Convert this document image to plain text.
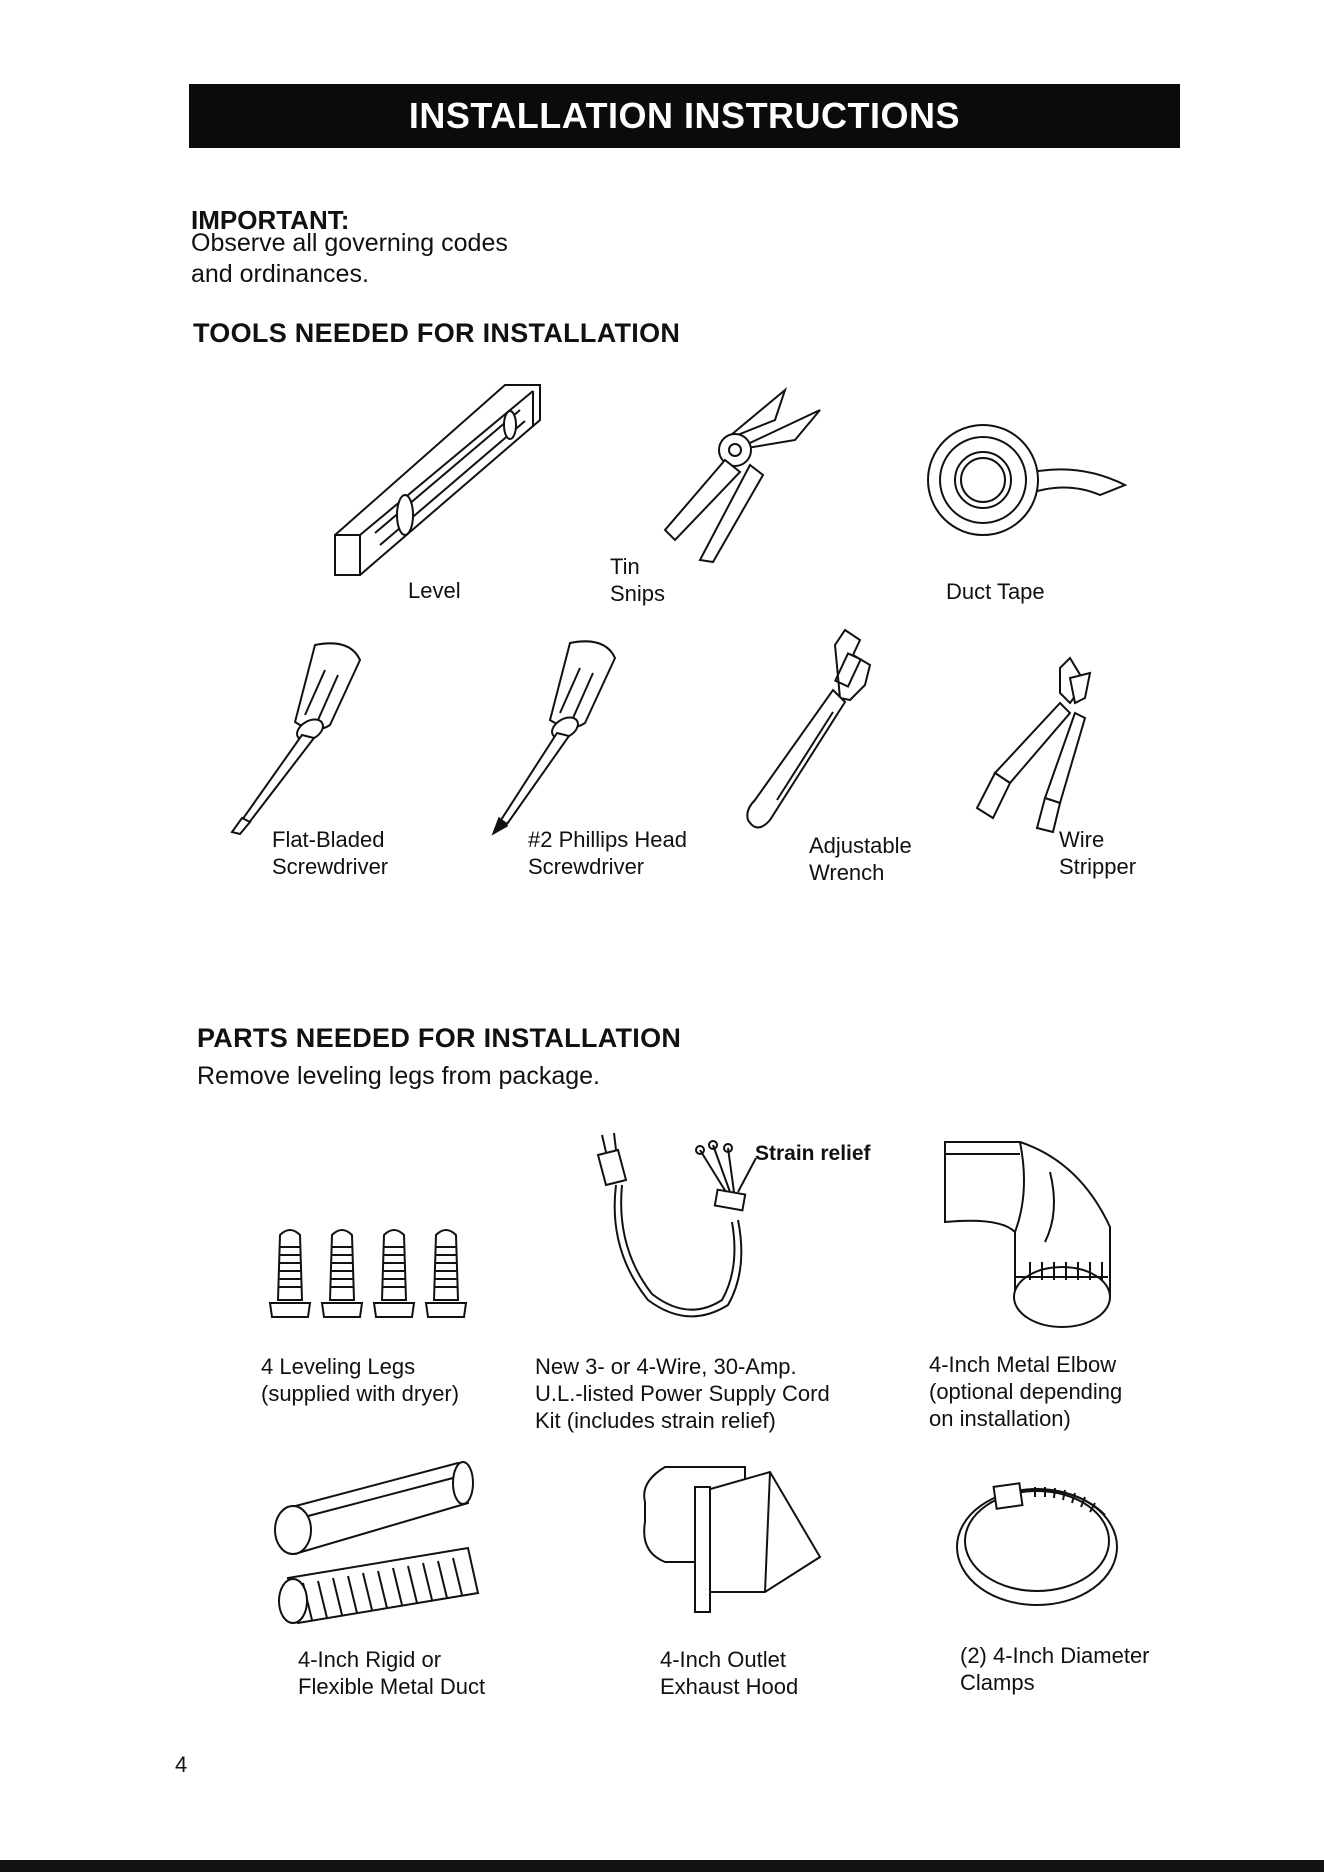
INSTALLATION INSTRUCTIONS
IMPORTANT:
Observe all governing codes
and ordinances.
TOOLS NEEDED FOR INSTALLATION
Level
Tin
Snips	Duct Tape
Flat-Bladed
Screwdriver
#2 Phillips Head
Screwdriver
Adjustable
Wrench
Wire
Stripper
PARTS NEEDED FOR INSTALLATION
Remove leveling legs from package.
4 Leveling Legs
(supplied with dryer)
Strain relief
New 3- or 4-Wire, 30-Amp.
U.L.-listed Power Supply Cord
Kit (includes strain relief)
4-Inch Metal Elbow
(optional depending
on installation)
4-Inch Rigid or
Flexible Metal Duct
4-Inch Outlet
Exhaust Hood
(2) 4-Inch Diameter
Clamps
4
